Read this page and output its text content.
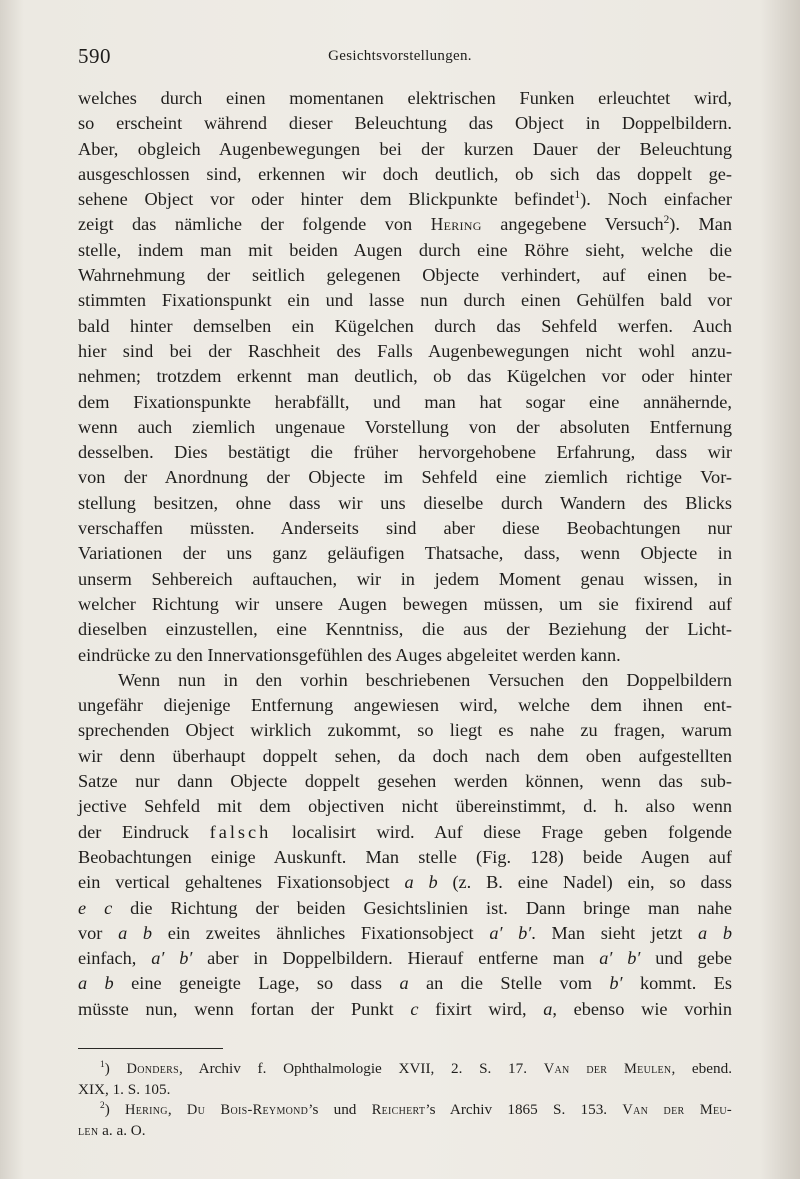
590	Gesichtsvorstellungen.
welches durch einen momentanen elektrischen Funken erleuchtet wird,
so erscheint während dieser Beleuchtung das Object in Doppelbildern.
Aber, obgleich Augenbewegungen bei der kurzen Dauer der Beleuchtung
ausgeschlossen sind, erkennen wir doch deutlich, ob sich das doppelt ge-
sehene Object vor oder hinter dem Blickpunkte befindet$^1$). Noch einfacher
zeigt das nämliche der folgende von Hering angegebene Versuch$^2$). Man
stelle, indem man mit beiden Augen durch eine Röhre sieht, welche die
Wahrnehmung der seitlich gelegenen Objecte verhindert, auf einen be-
stimmten Fixationspunkt ein und lasse nun durch einen Gehülfen bald vor
bald hinter demselben ein Kügelchen durch das Sehfeld werfen. Auch
hier sind bei der Raschheit des Falls Augenbewegungen nicht wohl anzu-
nehmen; trotzdem erkennt man deutlich, ob das Kügelchen vor oder hinter
dem Fixationspunkte herabfällt, und man hat sogar eine annähernde,
wenn auch ziemlich ungenaue Vorstellung von der absoluten Entfernung
desselben. Dies bestätigt die früher hervorgehobene Erfahrung, dass wir
von der Anordnung der Objecte im Sehfeld eine ziemlich richtige Vor-
stellung besitzen, ohne dass wir uns dieselbe durch Wandern des Blicks
verschaffen müssten. Anderseits sind aber diese Beobachtungen nur
Variationen der uns ganz geläufigen Thatsache, dass, wenn Objecte in
unserm Sehbereich auftauchen, wir in jedem Moment genau wissen, in
welcher Richtung wir unsere Augen bewegen müssen, um sie fixirend auf
dieselben einzustellen, eine Kenntniss, die aus der Beziehung der Licht-
eindrücke zu den Innervationsgefühlen des Auges abgeleitet werden kann.
Wenn nun in den vorhin beschriebenen Versuchen den Doppelbildern
ungefähr diejenige Entfernung angewiesen wird, welche dem ihnen ent-
sprechenden Object wirklich zukommt, so liegt es nahe zu fragen, warum
wir denn überhaupt doppelt sehen, da doch nach dem oben aufgestellten
Satze nur dann Objecte doppelt gesehen werden können, wenn das sub-
jective Sehfeld mit dem objectiven nicht übereinstimmt, d. h. also wenn
der Eindruck falsch localisirt wird. Auf diese Frage geben folgende
Beobachtungen einige Auskunft. Man stelle (Fig. 128) beide Augen auf
ein vertical gehaltenes Fixationsobject a b (z. B. eine Nadel) ein, so dass
e c die Richtung der beiden Gesichtslinien ist. Dann bringe man nahe
vor a b ein zweites ähnliches Fixationsobject a′ b′. Man sieht jetzt a b
einfach, a′ b′ aber in Doppelbildern. Hierauf entferne man a′ b′ und gebe
a b eine geneigte Lage, so dass a an die Stelle vom b′ kommt. Es
müsste nun, wenn fortan der Punkt c fixirt wird, a, ebenso wie vorhin
$^1$) Donders, Archiv f. Ophthalmologie XVII, 2. S. 17. Van der Meulen, ebend.
XIX, 1. S. 105.
$^2$) Hering, Du Bois-Reymond’s und Reichert’s Archiv 1865 S. 153. Van der Meu-
len a. a. O.
